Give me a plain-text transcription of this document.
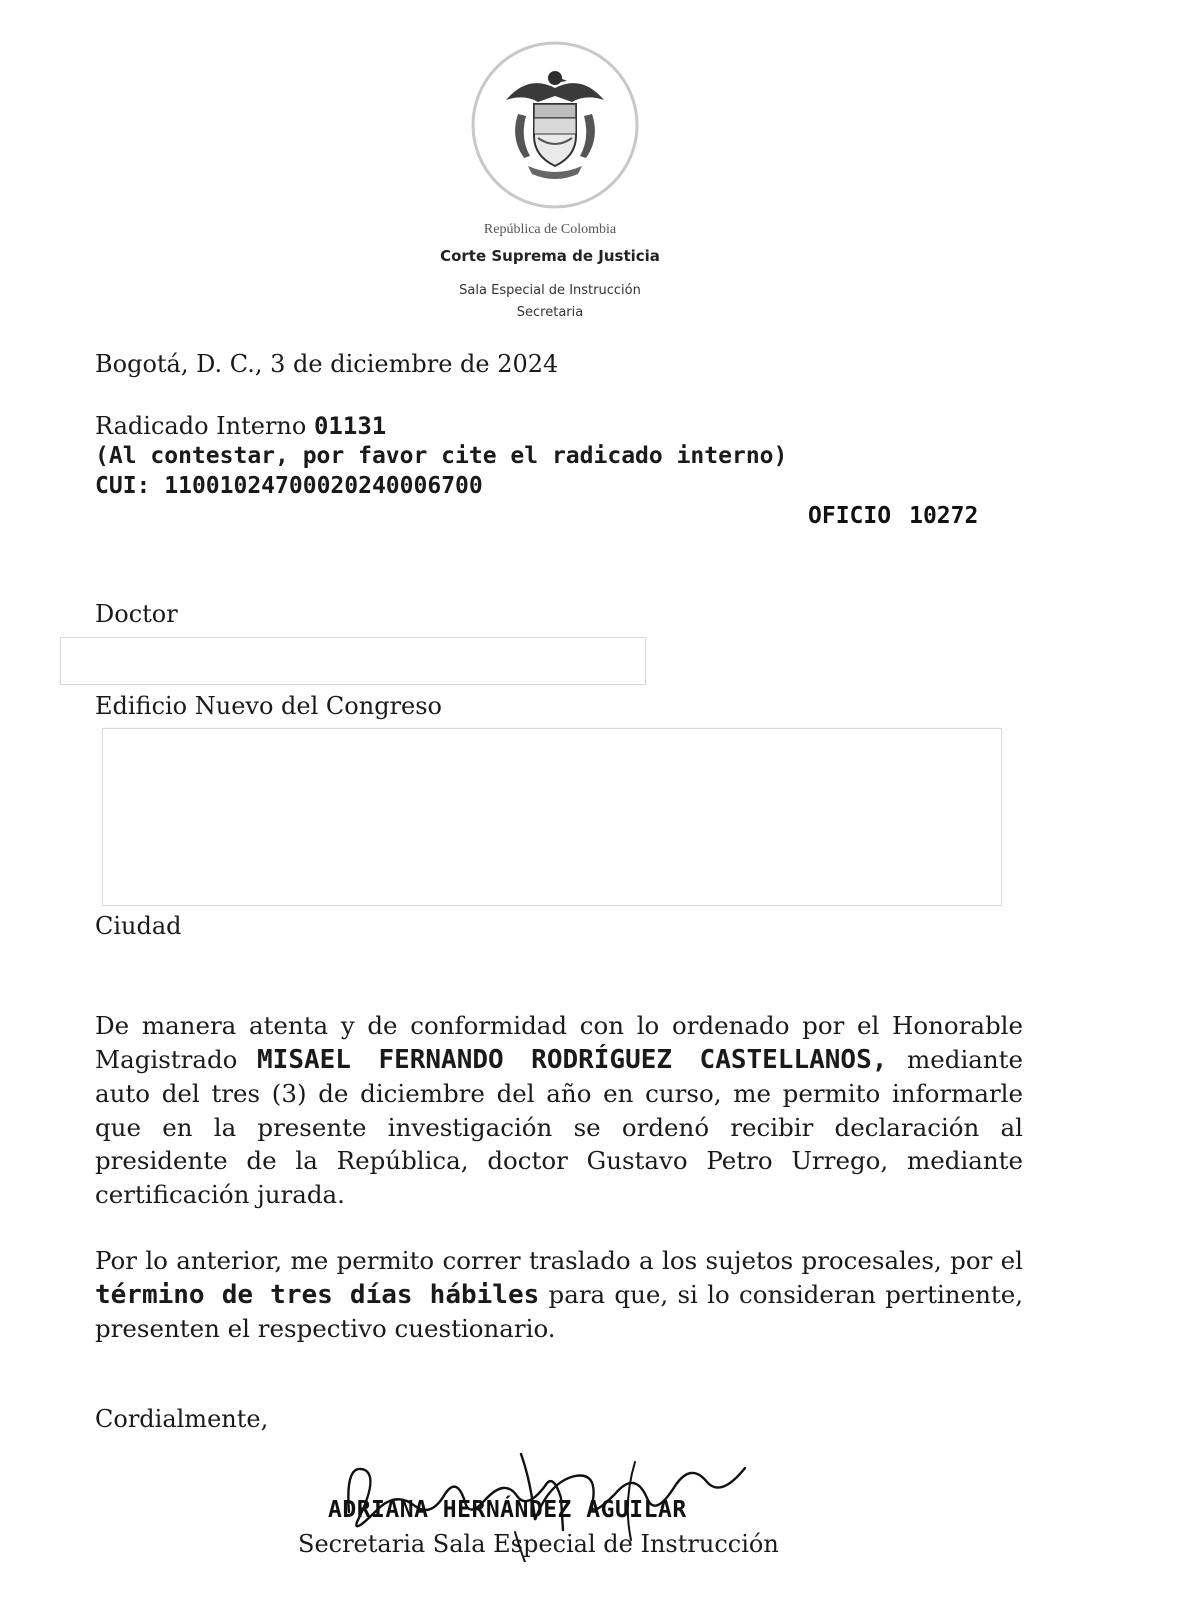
República de Colombia
Corte Suprema de Justicia
Sala Especial de Instrucción
Secretaria
Bogotá, D. C., 3 de diciembre de 2024
Radicado Interno 01131
(Al contestar, por favor cite el radicado interno)
CUI: 11001024700020240006700
OFICIO 10272
Doctor
Edificio Nuevo del Congreso
Ciudad
De manera atenta y de conformidad con lo ordenado por el Honorable Magistrado MISAEL FERNANDO RODRÍGUEZ CASTELLANOS, mediante auto del tres (3) de diciembre del año en curso, me permito informarle que en la presente investigación se ordenó recibir declaración al presidente de la República, doctor Gustavo Petro Urrego, mediante certificación jurada.
Por lo anterior, me permito correr traslado a los sujetos procesales, por el término de tres días hábiles para que, si lo consideran pertinente, presenten el respectivo cuestionario.
Cordialmente,
ADRIANA HERNÁNDEZ AGUILAR
Secretaria Sala Especial de Instrucción
